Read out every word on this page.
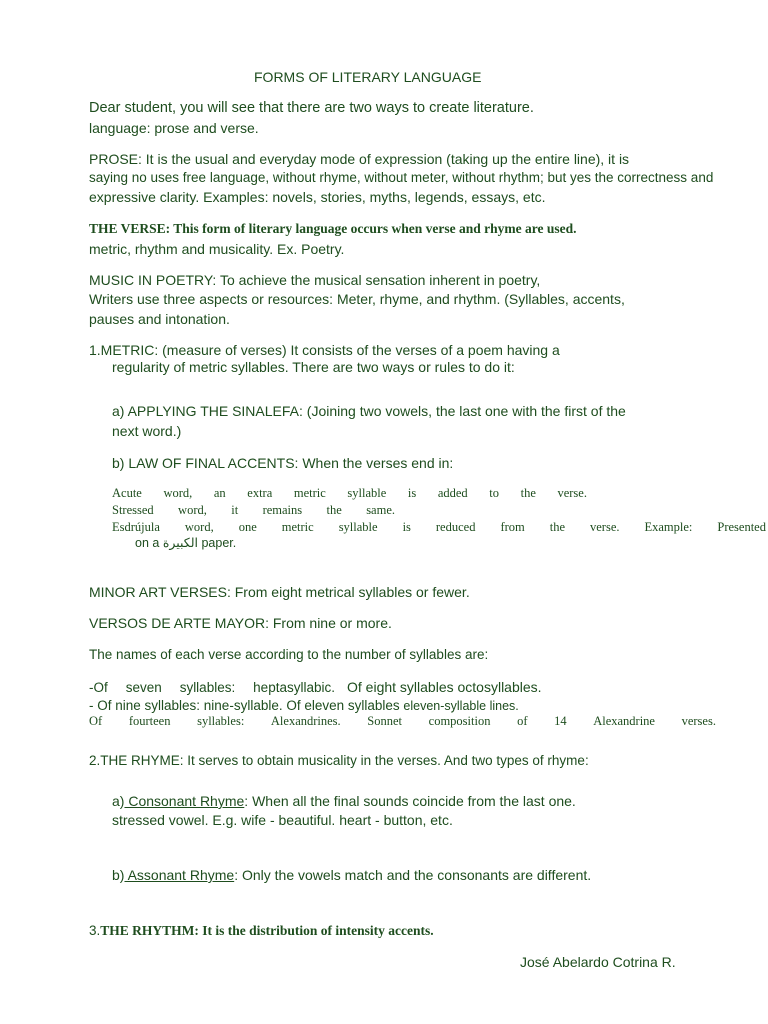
FORMS OF LITERARY LANGUAGE
Dear student, you will see that there are two ways to create literature.
language: prose and verse.
PROSE: It is the usual and everyday mode of expression (taking up the entire line), it is
saying no uses free language, without rhyme, without meter, without rhythm; but yes the correctness and
expressive clarity. Examples: novels, stories, myths, legends, essays, etc.
THE VERSE: This form of literary language occurs when verse and rhyme are used.
metric, rhythm and musicality. Ex. Poetry.
MUSIC IN POETRY: To achieve the musical sensation inherent in poetry,
Writers use three aspects or resources: Meter, rhyme, and rhythm. (Syllables, accents,
pauses and intonation.
1.METRIC: (measure of verses) It consists of the verses of a poem having a
regularity of metric syllables. There are two ways or rules to do it:
a) APPLYING THE SINALEFA: (Joining two vowels, the last one with the first of the
next word.)
b) LAW OF FINAL ACCENTS: When the verses end in:
Acute word, an extra metric syllable is added to the verse.
Stressed word, it remains the same.
Esdrújula word, one metric syllable is reduced from the verse. Example: Presented
on a الكبيرة paper.
MINOR ART VERSES: From eight metrical syllables or fewer.
VERSOS DE ARTE MAYOR: From nine or more.
The names of each verse according to the number of syllables are:
-Of seven syllables: heptasyllabic. Of eight syllables octosyllables.
- Of nine syllables: nine-syllable. Of eleven syllables eleven-syllable lines.
Of fourteen syllables: Alexandrines. Sonnet composition of 14 Alexandrine verses.
2.THE RHYME: It serves to obtain musicality in the verses. And two types of rhyme:
a) Consonant Rhyme: When all the final sounds coincide from the last one.
stressed vowel. E.g. wife - beautiful. heart - button, etc.
b) Assonant Rhyme: Only the vowels match and the consonants are different.
3.THE RHYTHM: It is the distribution of intensity accents.
José Abelardo Cotrina R.
